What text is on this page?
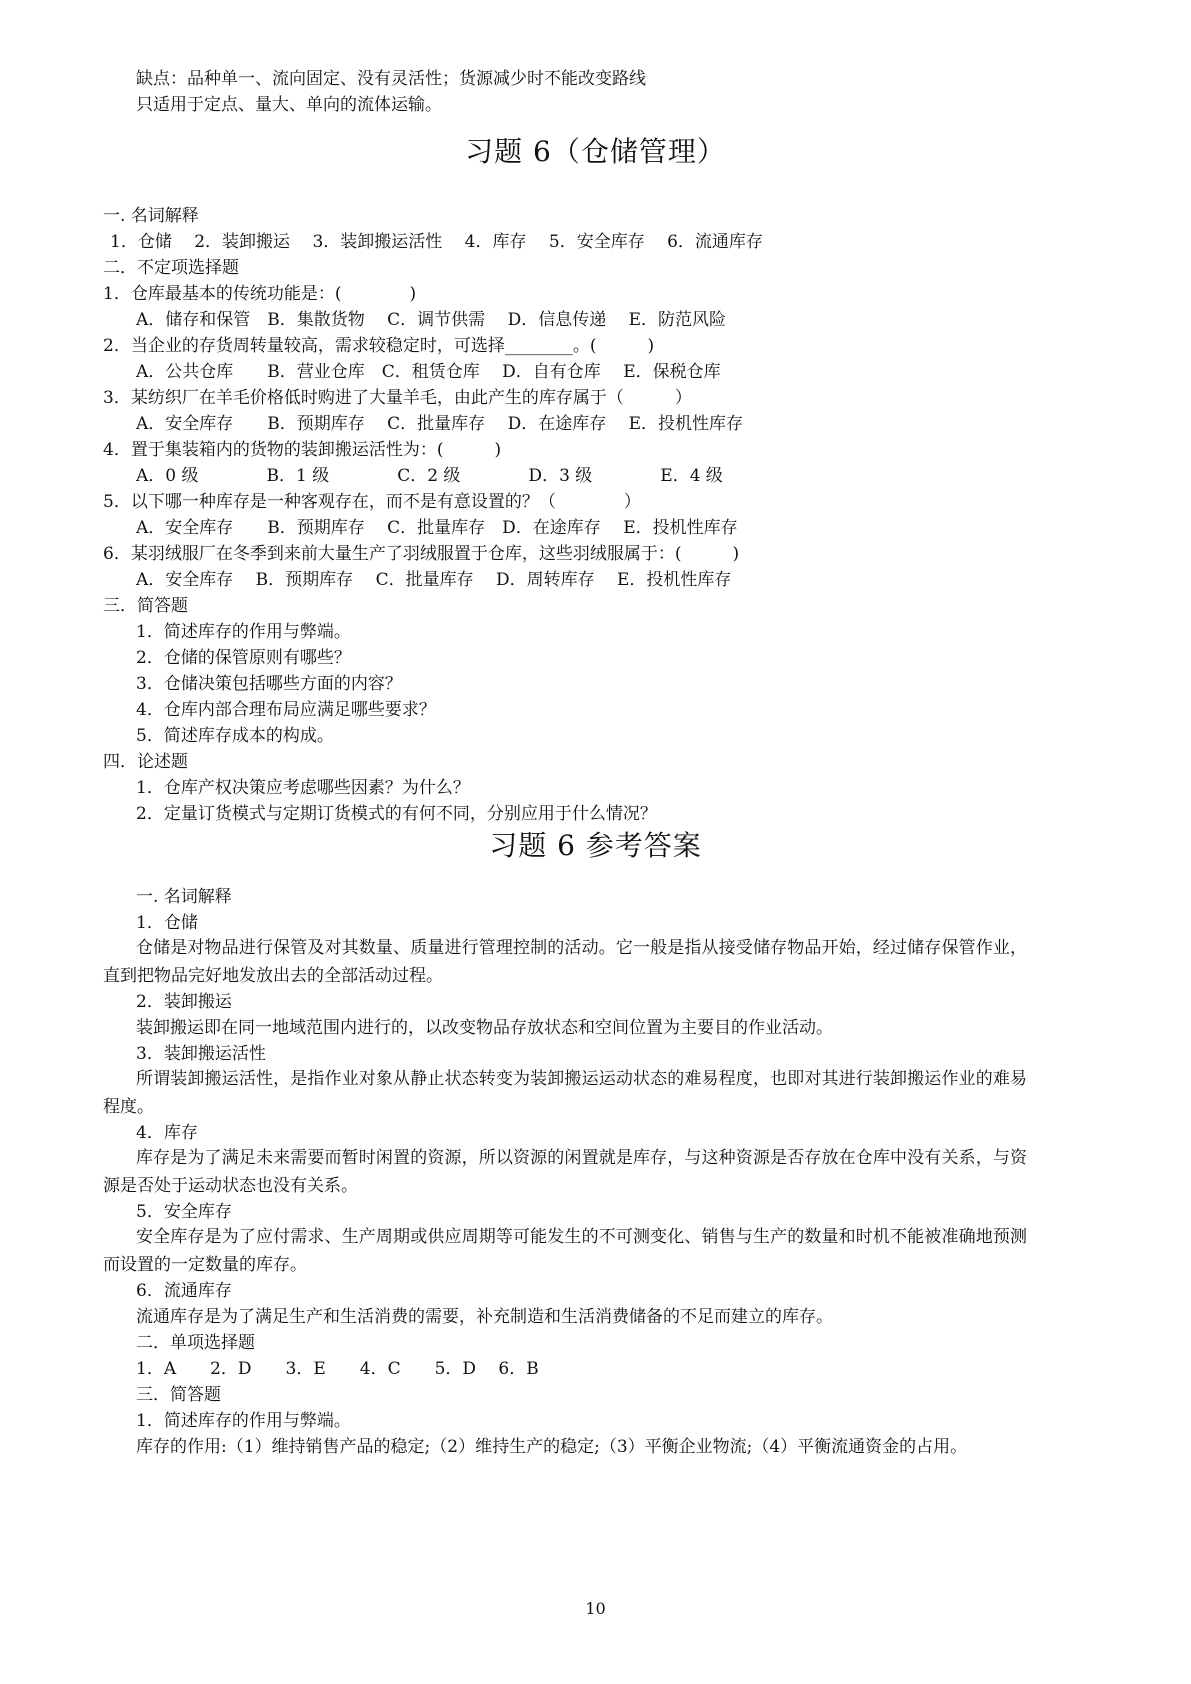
缺点：品种单一、流向固定、没有灵活性；货源减少时不能改变路线
只适用于定点、量大、单向的流体运输。
习题 6（仓储管理）
一. 名词解释
1．仓储　 2．装卸搬运　 3．装卸搬运活性　 4．库存　 5．安全库存　 6．流通库存
二．不定项选择题
1．仓库最基本的传统功能是：(　　　　)
A．储存和保管　B．集散货物　 C．调节供需　 D．信息传递　 E．防范风险
2．当企业的存货周转量较高，需求较稳定时，可选择________。(　　　)
A．公共仓库　　B．营业仓库　C．租赁仓库　 D．自有仓库　 E．保税仓库
3．某纺织厂在羊毛价格低时购进了大量羊毛，由此产生的库存属于（　　　）
A．安全库存　　B．预期库存　 C．批量库存　 D．在途库存　 E．投机性库存
4．置于集装箱内的货物的装卸搬运活性为：(　　　)
A．0 级　　　　B．1 级　　　　C．2 级　　　　D．3 级　　　　E．4 级
5．以下哪一种库存是一种客观存在，而不是有意设置的？（　　　　）
A．安全库存　　B．预期库存　 C．批量库存　D．在途库存　 E．投机性库存
6．某羽绒服厂在冬季到来前大量生产了羽绒服置于仓库，这些羽绒服属于：(　　　)
A．安全库存　 B．预期库存　 C．批量库存　 D．周转库存　 E．投机性库存
三．简答题
1．简述库存的作用与弊端。
2．仓储的保管原则有哪些？
3．仓储决策包括哪些方面的内容？
4．仓库内部合理布局应满足哪些要求？
5．简述库存成本的构成。
四．论述题
1．仓库产权决策应考虑哪些因素？为什么？
2．定量订货模式与定期订货模式的有何不同，分别应用于什么情况？
习题 6 参考答案
一. 名词解释
1．仓储
仓储是对物品进行保管及对其数量、质量进行管理控制的活动。它一般是指从接受储存物品开始，经过储存保管作业，直到把物品完好地发放出去的全部活动过程。
2．装卸搬运
装卸搬运即在同一地域范围内进行的，以改变物品存放状态和空间位置为主要目的作业活动。
3．装卸搬运活性
所谓装卸搬运活性，是指作业对象从静止状态转变为装卸搬运运动状态的难易程度，也即对其进行装卸搬运作业的难易程度。
4．库存
库存是为了满足未来需要而暂时闲置的资源，所以资源的闲置就是库存，与这种资源是否存放在仓库中没有关系，与资源是否处于运动状态也没有关系。
5．安全库存
安全库存是为了应付需求、生产周期或供应周期等可能发生的不可测变化、销售与生产的数量和时机不能被准确地预测而设置的一定数量的库存。
6．流通库存
流通库存是为了满足生产和生活消费的需要，补充制造和生活消费储备的不足而建立的库存。
二．单项选择题
1．A　　2．D　　3．E　　4．C　　5．D　 6．B
三．简答题
1．简述库存的作用与弊端。
库存的作用:（1）维持销售产品的稳定;（2）维持生产的稳定;（3）平衡企业物流;（4）平衡流通资金的占用。
10
